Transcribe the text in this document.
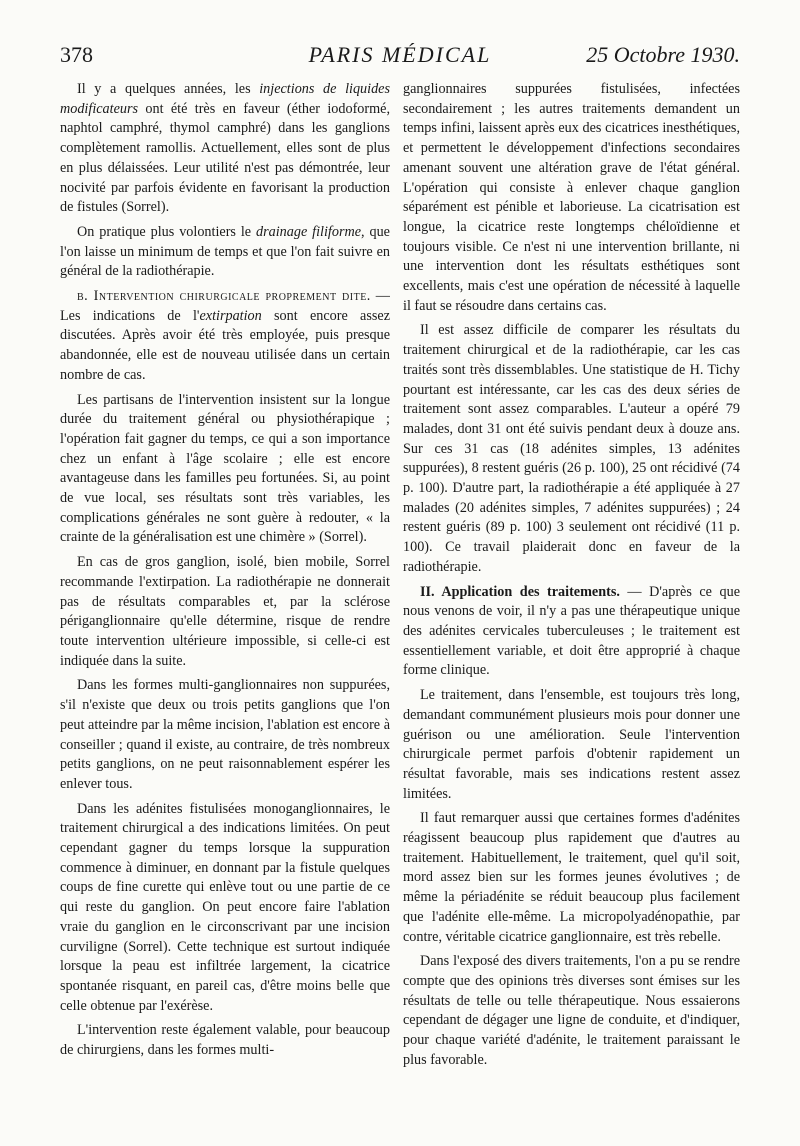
378	PARIS MÉDICAL	25 Octobre 1930.

Il y a quelques années, les injections de liquides modificateurs ont été très en faveur (éther iodoformé, naphtol camphré, thymol camphré) dans les ganglions complètement ramollis. Actuellement, elles sont de plus en plus délaissées. Leur utilité n'est pas démontrée, leur nocivité par parfois évidente en favorisant la production de fistules (Sorrel).

On pratique plus volontiers le drainage filiforme, que l'on laisse un minimum de temps et que l'on fait suivre en général de la radiothérapie.

b. Intervention chirurgicale proprement dite. — Les indications de l'extirpation sont encore assez discutées. Après avoir été très employée, puis presque abandonnée, elle est de nouveau utilisée dans un certain nombre de cas.

Les partisans de l'intervention insistent sur la longue durée du traitement général ou physiothérapique ; l'opération fait gagner du temps, ce qui a son importance chez un enfant à l'âge scolaire ; elle est encore avantageuse dans les familles peu fortunées. Si, au point de vue local, ses résultats sont très variables, les complications générales ne sont guère à redouter, « la crainte de la généralisation est une chimère » (Sorrel).

En cas de gros ganglion, isolé, bien mobile, Sorrel recommande l'extirpation. La radiothérapie ne donnerait pas de résultats comparables et, par la sclérose périganglionnaire qu'elle détermine, risque de rendre toute intervention ultérieure impossible, si celle-ci est indiquée dans la suite.

Dans les formes multi-ganglionnaires non suppurées, s'il n'existe que deux ou trois petits ganglions que l'on peut atteindre par la même incision, l'ablation est encore à conseiller ; quand il existe, au contraire, de très nombreux petits ganglions, on ne peut raisonnablement espérer les enlever tous.

Dans les adénites fistulisées monoganglionnaires, le traitement chirurgical a des indications limitées. On peut cependant gagner du temps lorsque la suppuration commence à diminuer, en donnant par la fistule quelques coups de fine curette qui enlève tout ou une partie de ce qui reste du ganglion. On peut encore faire l'ablation vraie du ganglion en le circonscrivant par une incision curviligne (Sorrel). Cette technique est surtout indiquée lorsque la peau est infiltrée largement, la cicatrice spontanée risquant, en pareil cas, d'être moins belle que celle obtenue par l'exérèse.

L'intervention reste également valable, pour beaucoup de chirurgiens, dans les formes multi-

ganglionnaires suppurées fistulisées, infectées secondairement ; les autres traitements demandent un temps infini, laissent après eux des cicatrices inesthétiques, et permettent le développement d'infections secondaires amenant souvent une altération grave de l'état général. L'opération qui consiste à enlever chaque ganglion séparément est pénible et laborieuse. La cicatrisation est longue, la cicatrice reste longtemps chéloïdienne et toujours visible. Ce n'est ni une intervention brillante, ni une intervention dont les résultats esthétiques sont excellents, mais c'est une opération de nécessité à laquelle il faut se résoudre dans certains cas.

Il est assez difficile de comparer les résultats du traitement chirurgical et de la radiothérapie, car les cas traités sont très dissemblables. Une statistique de H. Tichy pourtant est intéressante, car les cas des deux séries de traitement sont assez comparables. L'auteur a opéré 79 malades, dont 31 ont été suivis pendant deux à douze ans. Sur ces 31 cas (18 adénites simples, 13 adénites suppurées), 8 restent guéris (26 p. 100), 25 ont récidivé (74 p. 100). D'autre part, la radiothérapie a été appliquée à 27 malades (20 adénites simples, 7 adénites suppurées) ; 24 restent guéris (89 p. 100) 3 seulement ont récidivé (11 p. 100). Ce travail plaiderait donc en faveur de la radiothérapie.

II. Application des traitements. — D'après ce que nous venons de voir, il n'y a pas une thérapeutique unique des adénites cervicales tuberculeuses ; le traitement est essentiellement variable, et doit être approprié à chaque forme clinique.

Le traitement, dans l'ensemble, est toujours très long, demandant communément plusieurs mois pour donner une guérison ou une amélioration. Seule l'intervention chirurgicale permet parfois d'obtenir rapidement un résultat favorable, mais ses indications restent assez limitées.

Il faut remarquer aussi que certaines formes d'adénites réagissent beaucoup plus rapidement que d'autres au traitement. Habituellement, le traitement, quel qu'il soit, mord assez bien sur les formes jeunes évolutives ; de même la périadénite se réduit beaucoup plus facilement que l'adénite elle-même. La micropolyadénopathie, par contre, véritable cicatrice ganglionnaire, est très rebelle.

Dans l'exposé des divers traitements, l'on a pu se rendre compte que des opinions très diverses sont émises sur les résultats de telle ou telle thérapeutique. Nous essaierons cependant de dégager une ligne de conduite, et d'indiquer, pour chaque variété d'adénite, le traitement paraissant le plus favorable.
